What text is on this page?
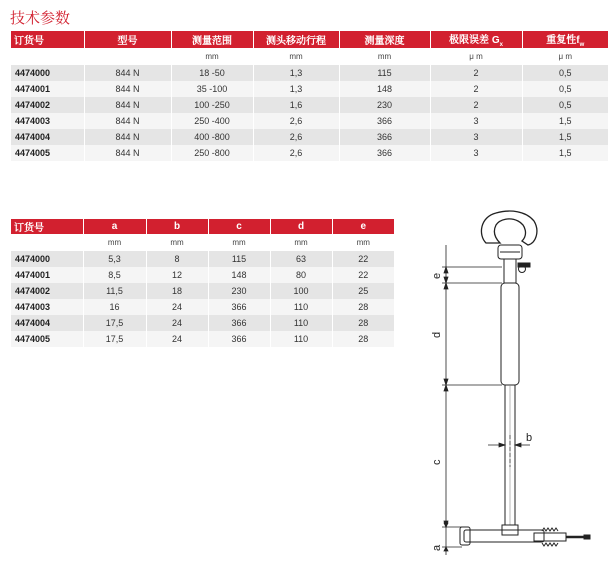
技术参数
订货号	型号	测量范围	测头移动行程	测量深度	极限误差 $G_x$	重复性$f_w$
		mm	mm	mm	μ m	μ m
4474000	844 N	18 -50	1,3	115	2	0,5
4474001	844 N	35 -100	1,3	148	2	0,5
4474002	844 N	100 -250	1,6	230	2	0,5
4474003	844 N	250 -400	2,6	366	3	1,5
4474004	844 N	400 -800	2,6	366	3	1,5
4474005	844 N	250 -800	2,6	366	3	1,5
订货号	a	b	c	d	e
	mm	mm	mm	mm	mm
4474000	5,3	8	115	63	22
4474001	8,5	12	148	80	22
4474002	11,5	18	230	100	25
4474003	16	24	366	110	28
4474004	17,5	24	366	110	28
4474005	17,5	24	366	110	28
e
d
c
b
a
